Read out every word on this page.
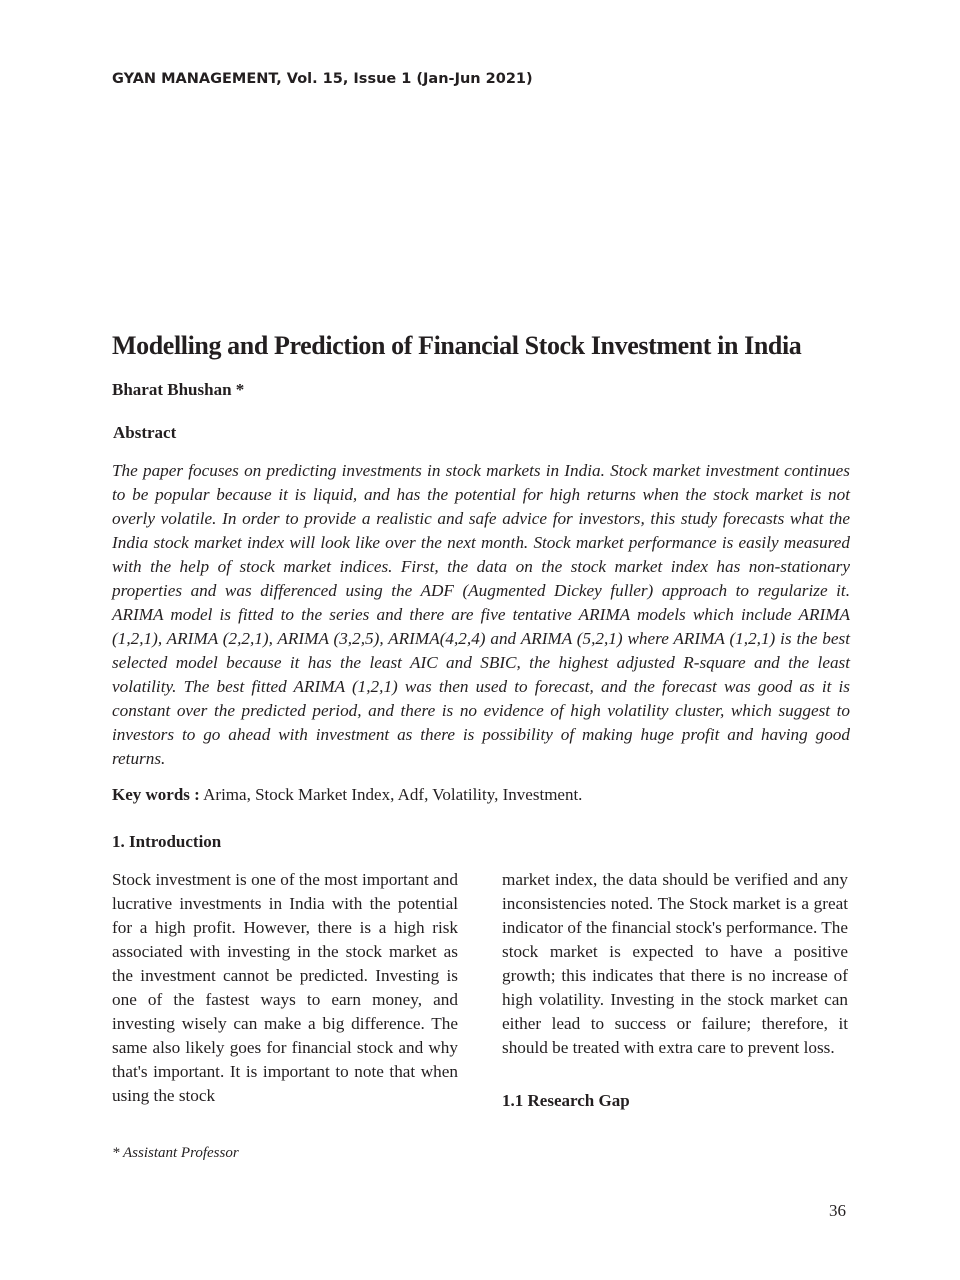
GYAN MANAGEMENT, Vol. 15, Issue 1 (Jan-Jun 2021)
Modelling and Prediction of Financial Stock Investment in India
Bharat Bhushan *
Abstract

The paper focuses on predicting investments in stock markets in India. Stock market investment continues to be popular because it is liquid, and has the potential for high returns when the stock market is not overly volatile. In order to provide a realistic and safe advice for investors, this study forecasts what the India stock market index will look like over the next month. Stock market performance is easily measured with the help of stock market indices. First, the data on the stock market index has non-stationary properties and was differenced using the ADF (Augmented Dickey fuller) approach to regularize it. ARIMA model is fitted to the series and there are five tentative ARIMA models which include ARIMA (1,2,1), ARIMA (2,2,1), ARIMA (3,2,5), ARIMA(4,2,4) and ARIMA (5,2,1) where ARIMA (1,2,1) is the best selected model because it has the least AIC and SBIC, the highest adjusted R-square and the least volatility. The best fitted ARIMA (1,2,1) was then used to forecast, and the forecast was good as it is constant over the predicted period, and there is no evidence of high volatility cluster, which suggest to investors to go ahead with investment as there is possibility of making huge profit and having good returns.

Key words : Arima, Stock Market Index, Adf, Volatility, Investment.
1. Introduction

Stock investment is one of the most important and lucrative investments in India with the potential for a high profit. However, there is a high risk associated with investing in the stock market as the investment cannot be predicted. Investing is one of the fastest ways to earn money, and investing wisely can make a big difference. The same also likely goes for financial stock and why that's important. It is important to note that when using the stock

market index, the data should be verified and any inconsistencies noted. The Stock market is a great indicator of the financial stock's performance. The stock market is expected to have a positive growth; this indicates that there is no increase of high volatility. Investing in the stock market can either lead to success or failure; therefore, it should be treated with extra care to prevent loss.

1.1 Research Gap
* Assistant Professor
36
